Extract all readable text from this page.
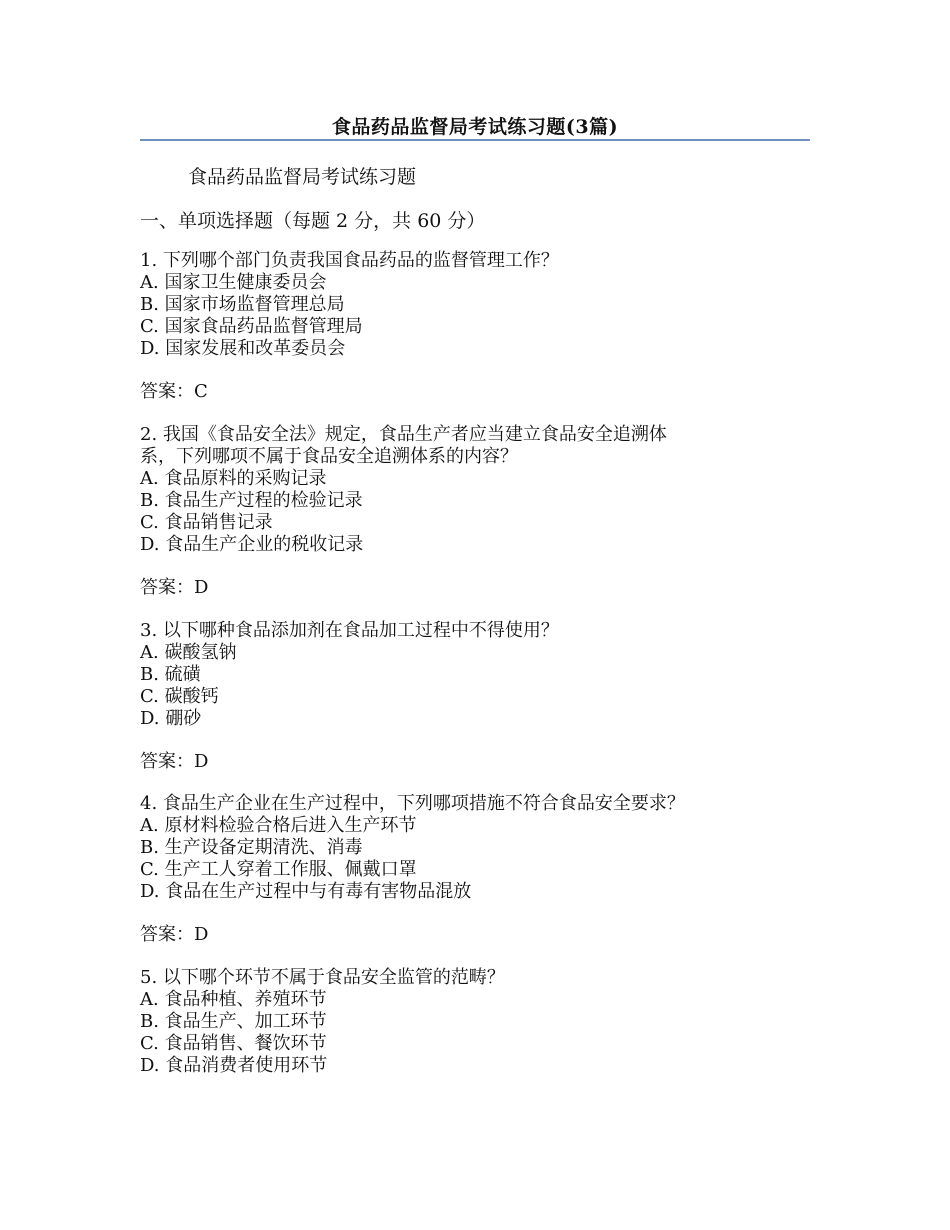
食品药品监督局考试练习题(3篇)

食品药品监督局考试练习题

一、单项选择题（每题 2 分，共 60 分）

1. 下列哪个部门负责我国食品药品的监督管理工作？

A. 国家卫生健康委员会

B. 国家市场监督管理总局

C. 国家食品药品监督管理局

D. 国家发展和改革委员会

答案：C

2. 我国《食品安全法》规定，食品生产者应当建立食品安全追溯体

系，下列哪项不属于食品安全追溯体系的内容？

A. 食品原料的采购记录

B. 食品生产过程的检验记录

C. 食品销售记录

D. 食品生产企业的税收记录

答案：D

3. 以下哪种食品添加剂在食品加工过程中不得使用？

A. 碳酸氢钠

B. 硫磺

C. 碳酸钙

D. 硼砂

答案：D

4. 食品生产企业在生产过程中，下列哪项措施不符合食品安全要求？

A. 原材料检验合格后进入生产环节

B. 生产设备定期清洗、消毒

C. 生产工人穿着工作服、佩戴口罩

D. 食品在生产过程中与有毒有害物品混放

答案：D

5. 以下哪个环节不属于食品安全监管的范畴？

A. 食品种植、养殖环节

B. 食品生产、加工环节

C. 食品销售、餐饮环节

D. 食品消费者使用环节
